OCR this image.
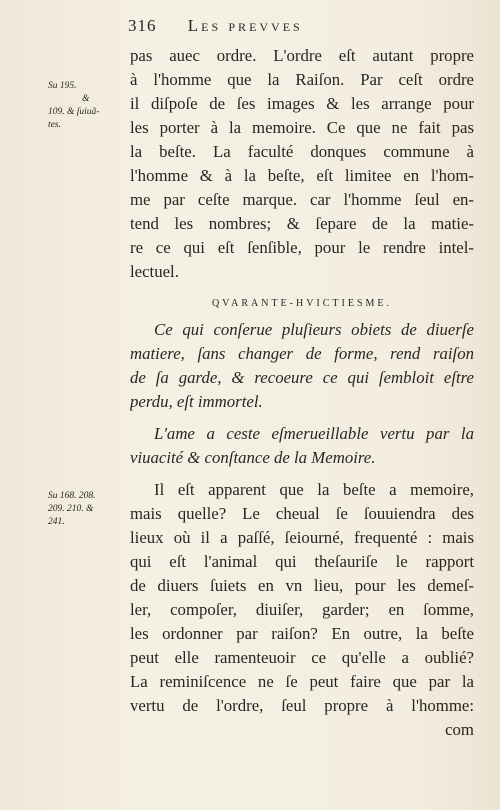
316 Les prevves
Su 195.
&
109. & ſuiuã-
tes.
Su 168. 208.
209. 210. &
241.
pas auec ordre. L'ordre eſt autant propre
à l'homme que la Raiſon. Par ceſt ordre
il diſpoſe de ſes images & les arrange pour
les porter à la memoire. Ce que ne fait pas
la beſte. La faculté donques commune à
l'homme & à la beſte, eſt limitee en l'hom-
me par ceſte marque. car l'homme ſeul en-
tend les nombres; & ſepare de la matie-
re ce qui eſt ſenſible, pour le rendre intel-
lectuel.
QVARANTE-HVICTIESME.
Ce qui conſerue pluſieurs obiets de diuerſe
matiere, ſans changer de forme, rend raiſon
de ſa garde, & recoeure ce qui ſembloit eſtre
perdu, eſt immortel.
L'ame a ceste eſmerueillable vertu par la
viuacité & conſtance de la Memoire.
Il eſt apparent que la beſte a memoire,
mais quelle? Le cheual ſe ſouuiendra des
lieux où il a paſſé, ſeiourné, frequenté : mais
qui eſt l'animal qui theſauriſe le rapport
de diuers ſuiets en vn lieu, pour les demeſ-
ler, compoſer, diuiſer, garder; en ſomme,
les ordonner par raiſon? En outre, la beſte
peut elle ramenteuoir ce qu'elle a oublié?
La reminiſcence ne ſe peut faire que par la
vertu de l'ordre, ſeul propre à l'homme:
com
